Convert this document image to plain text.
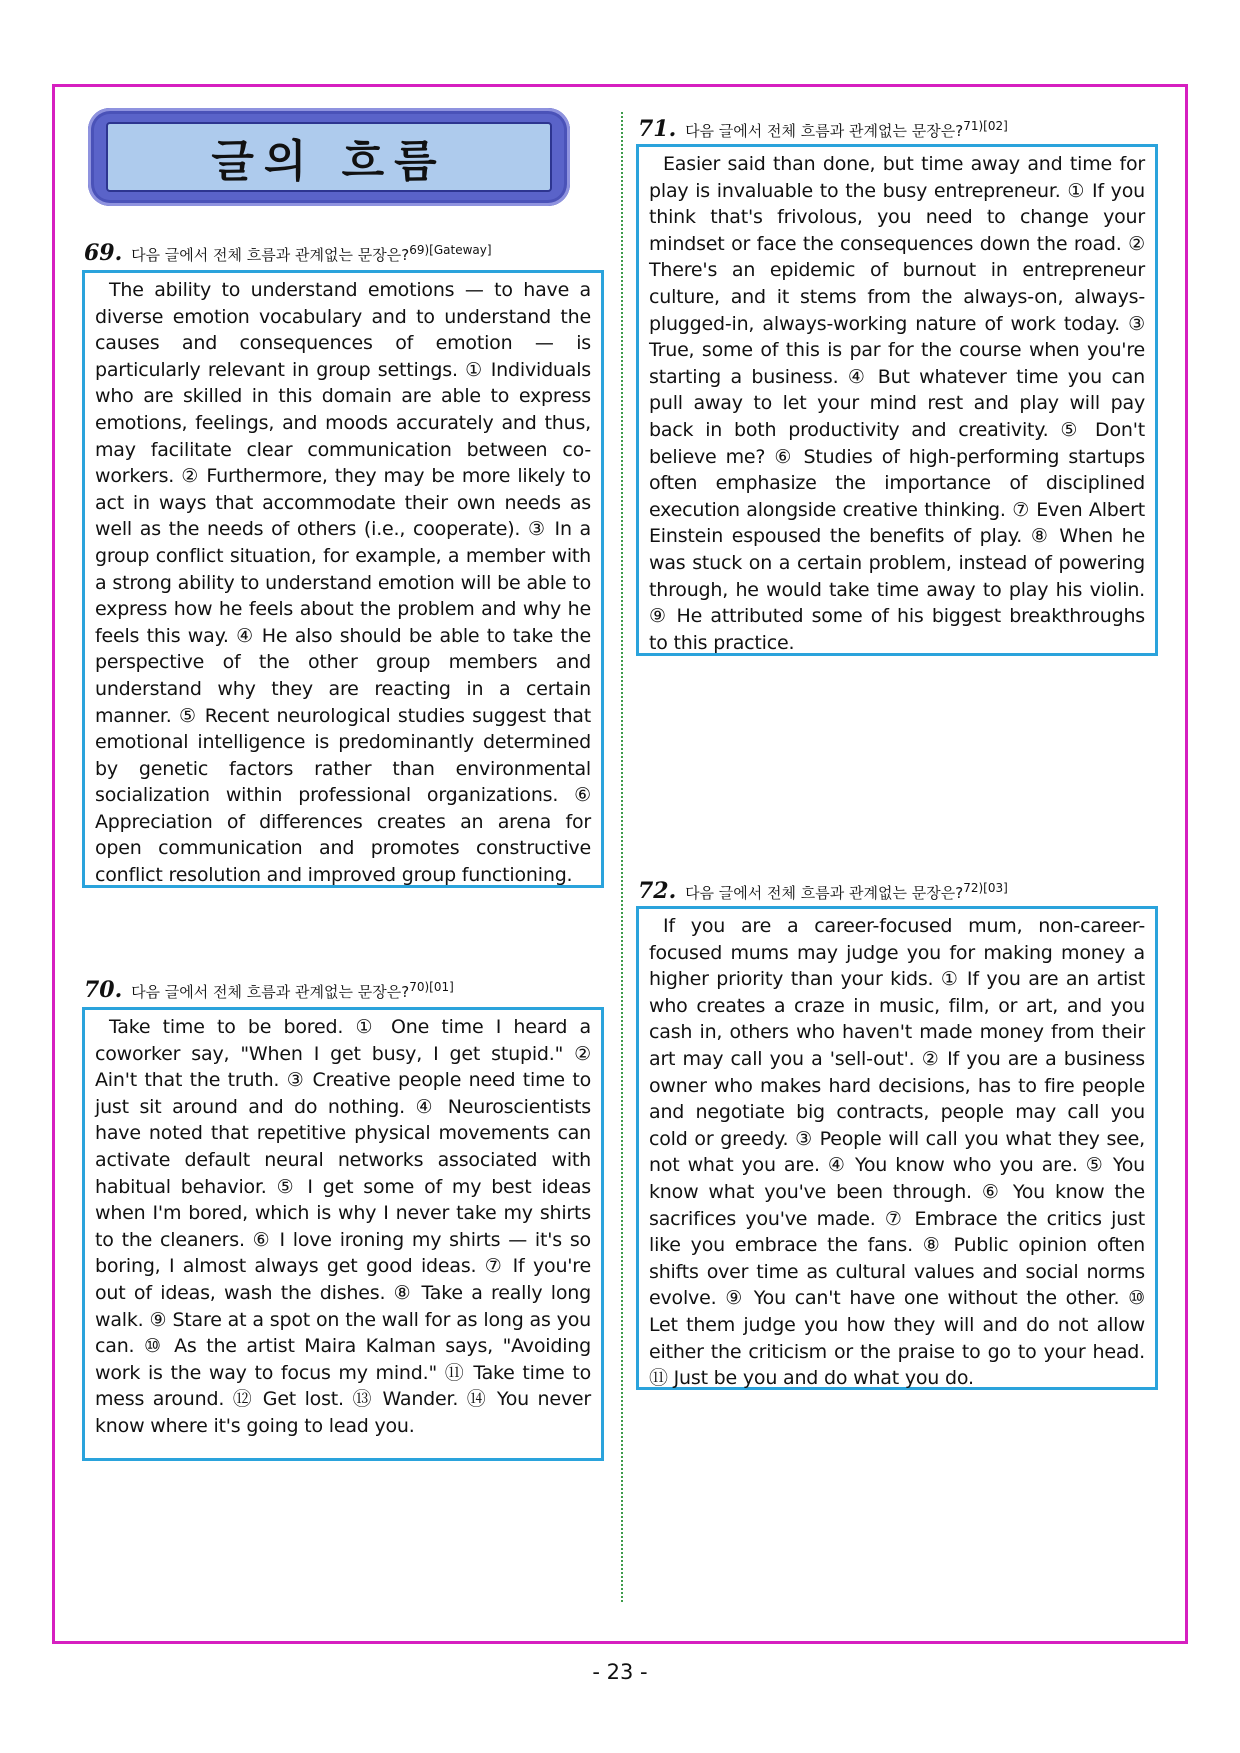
글의 흐름
69. 다음 글에서 전체 흐름과 관계없는 문장은?$^{69)[Gateway]}$

The ability to understand emotions — to have a diverse emotion vocabulary and to understand the causes and consequences of emotion — is particularly relevant in group settings. ① Individuals who are skilled in this domain are able to express emotions, feelings, and moods accurately and thus, may facilitate clear communication between co-workers. ② Furthermore, they may be more likely to act in ways that accommodate their own needs as well as the needs of others (i.e., cooperate). ③ In a group conflict situation, for example, a member with a strong ability to understand emotion will be able to express how he feels about the problem and why he feels this way. ④ He also should be able to take the perspective of the other group members and understand why they are reacting in a certain manner. ⑤ Recent neurological studies suggest that emotional intelligence is predominantly determined by genetic factors rather than environmental socialization within professional organizations. ⑥ Appreciation of differences creates an arena for open communication and promotes constructive conflict resolution and improved group functioning.

70. 다음 글에서 전체 흐름과 관계없는 문장은?$^{70)[01]}$

Take time to be bored. ① One time I heard a coworker say, "When I get busy, I get stupid." ② Ain't that the truth. ③ Creative people need time to just sit around and do nothing. ④ Neuroscientists have noted that repetitive physical movements can activate default neural networks associated with habitual behavior. ⑤ I get some of my best ideas when I'm bored, which is why I never take my shirts to the cleaners. ⑥ I love ironing my shirts — it's so boring, I almost always get good ideas. ⑦ If you're out of ideas, wash the dishes. ⑧ Take a really long walk. ⑨ Stare at a spot on the wall for as long as you can. ⑩ As the artist Maira Kalman says, "Avoiding work is the way to focus my mind." ⑪ Take time to mess around. ⑫ Get lost. ⑬ Wander. ⑭ You never know where it's going to lead you.

71. 다음 글에서 전체 흐름과 관계없는 문장은?$^{71)[02]}$

Easier said than done, but time away and time for play is invaluable to the busy entrepreneur. ① If you think that's frivolous, you need to change your mindset or face the consequences down the road. ② There's an epidemic of burnout in entrepreneur culture, and it stems from the always-on, always-plugged-in, always-working nature of work today. ③ True, some of this is par for the course when you're starting a business. ④ But whatever time you can pull away to let your mind rest and play will pay back in both productivity and creativity. ⑤ Don't believe me? ⑥ Studies of high-performing startups often emphasize the importance of disciplined execution alongside creative thinking. ⑦ Even Albert Einstein espoused the benefits of play. ⑧ When he was stuck on a certain problem, instead of powering through, he would take time away to play his violin. ⑨ He attributed some of his biggest breakthroughs to this practice.

72. 다음 글에서 전체 흐름과 관계없는 문장은?$^{72)[03]}$

If you are a career-focused mum, non-career-focused mums may judge you for making money a higher priority than your kids. ① If you are an artist who creates a craze in music, film, or art, and you cash in, others who haven't made money from their art may call you a 'sell-out'. ② If you are a business owner who makes hard decisions, has to fire people and negotiate big contracts, people may call you cold or greedy. ③ People will call you what they see, not what you are. ④ You know who you are. ⑤ You know what you've been through. ⑥ You know the sacrifices you've made. ⑦ Embrace the critics just like you embrace the fans. ⑧ Public opinion often shifts over time as cultural values and social norms evolve. ⑨ You can't have one without the other. ⑩ Let them judge you how they will and do not allow either the criticism or the praise to go to your head. ⑪ Just be you and do what you do.

- 23 -
